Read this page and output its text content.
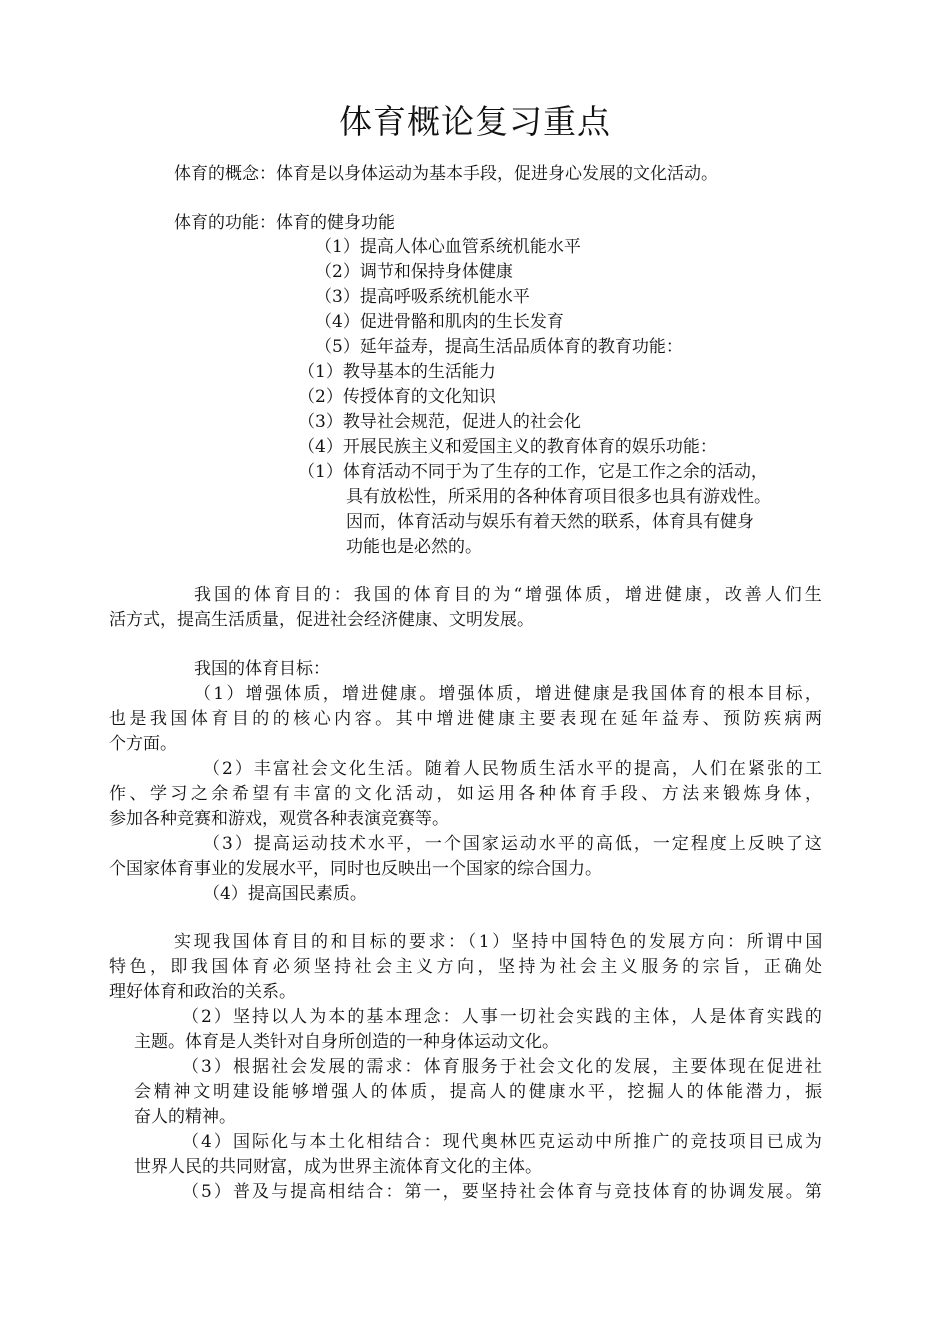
体育概论复习重点
体育的概念：体育是以身体运动为基本手段，促进身心发展的文化活动。
体育的功能：体育的健身功能
（1）提高人体心血管系统机能水平
（2）调节和保持身体健康
（3）提高呼吸系统机能水平
（4）促进骨骼和肌肉的生长发育
（5）延年益寿，提高生活品质体育的教育功能：
（1）教导基本的生活能力
（2）传授体育的文化知识
（3）教导社会规范，促进人的社会化
（4）开展民族主义和爱国主义的教育体育的娱乐功能：
（1）体育活动不同于为了生存的工作，它是工作之余的活动，
具有放松性，所采用的各种体育项目很多也具有游戏性。
因而，体育活动与娱乐有着天然的联系，体育具有健身
功能也是必然的。
我国的体育目的：我国的体育目的为“增强体质，增进健康，改善人们生
活方式，提高生活质量，促进社会经济健康、文明发展。
我国的体育目标：
（1）增强体质，增进健康。增强体质，增进健康是我国体育的根本目标，
也是我国体育目的的核心内容。其中增进健康主要表现在延年益寿、预防疾病两
个方面。
（2）丰富社会文化生活。随着人民物质生活水平的提高，人们在紧张的工
作、学习之余希望有丰富的文化活动，如运用各种体育手段、方法来锻炼身体，
参加各种竞赛和游戏，观赏各种表演竞赛等。
（3）提高运动技术水平，一个国家运动水平的高低，一定程度上反映了这
个国家体育事业的发展水平，同时也反映出一个国家的综合国力。
（4）提高国民素质。
实现我国体育目的和目标的要求：（1）坚持中国特色的发展方向：所谓中国
特色，即我国体育必须坚持社会主义方向，坚持为社会主义服务的宗旨，正确处
理好体育和政治的关系。
（2）坚持以人为本的基本理念：人事一切社会实践的主体，人是体育实践的
主题。体育是人类针对自身所创造的一种身体运动文化。
（3）根据社会发展的需求：体育服务于社会文化的发展，主要体现在促进社
会精神文明建设能够增强人的体质，提高人的健康水平，挖掘人的体能潜力，振
奋人的精神。
（4）国际化与本土化相结合：现代奥林匹克运动中所推广的竞技项目已成为
世界人民的共同财富，成为世界主流体育文化的主体。
（5）普及与提高相结合：第一，要坚持社会体育与竞技体育的协调发展。第
